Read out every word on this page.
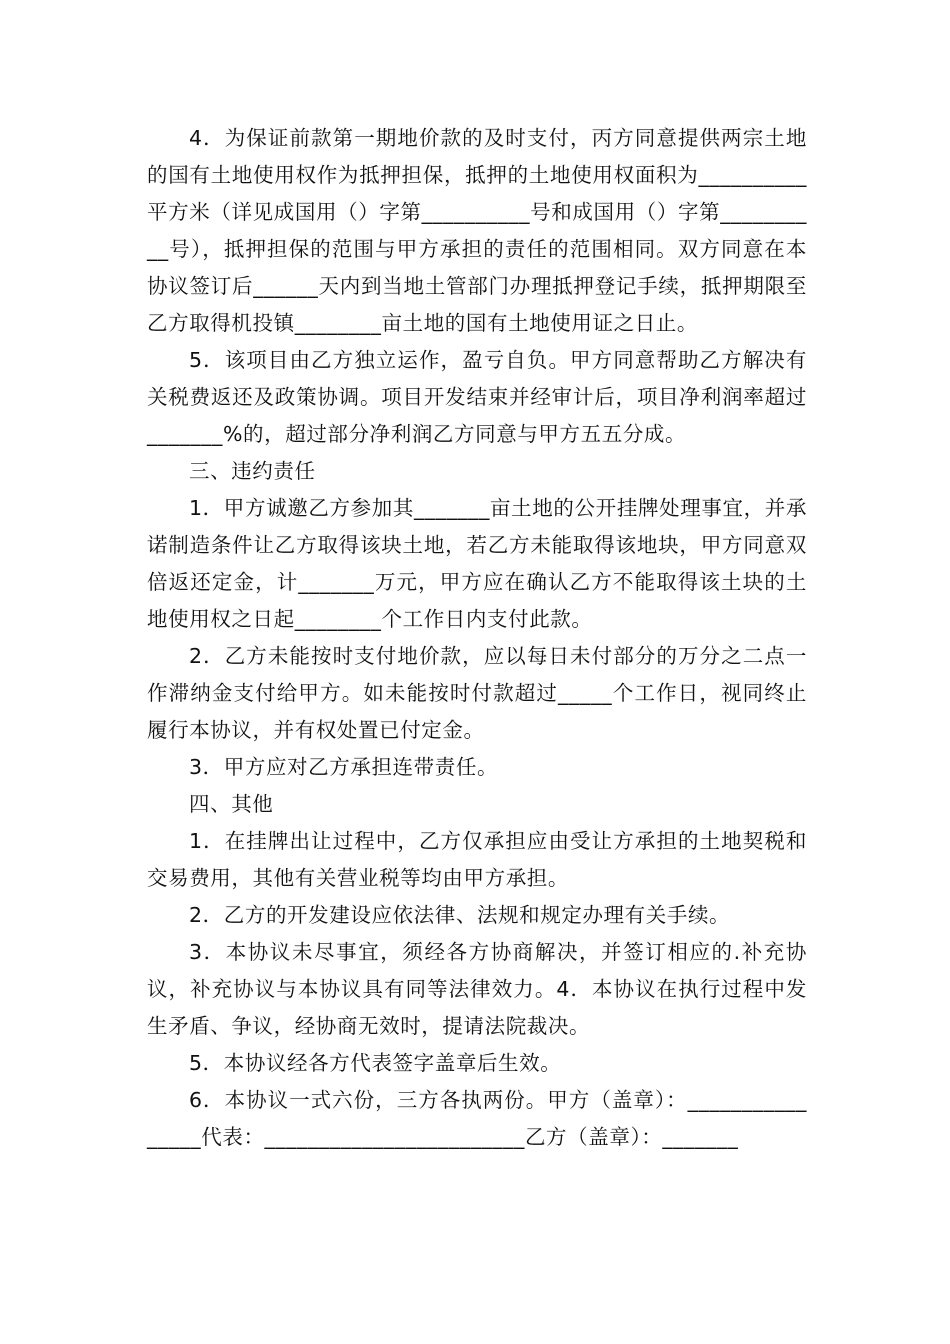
4．为保证前款第一期地价款的及时支付，丙方同意提供两宗土地的国有土地使用权作为抵押担保，抵押的土地使用权面积为__________平方米（详见成国用（）字第__________号和成国用（）字第__________号），抵押担保的范围与甲方承担的责任的范围相同。双方同意在本协议签订后______天内到当地土管部门办理抵押登记手续，抵押期限至乙方取得机投镇________亩土地的国有土地使用证之日止。

5．该项目由乙方独立运作，盈亏自负。甲方同意帮助乙方解决有关税费返还及政策协调。项目开发结束并经审计后，项目净利润率超过_______%的，超过部分净利润乙方同意与甲方五五分成。

三、违约责任

1．甲方诚邀乙方参加其_______亩土地的公开挂牌处理事宜，并承诺制造条件让乙方取得该块土地，若乙方未能取得该地块，甲方同意双倍返还定金，计_______万元，甲方应在确认乙方不能取得该土块的土地使用权之日起________个工作日内支付此款。

2．乙方未能按时支付地价款，应以每日未付部分的万分之二点一作滞纳金支付给甲方。如未能按时付款超过_____个工作日，视同终止履行本协议，并有权处置已付定金。

3．甲方应对乙方承担连带责任。

四、其他

1．在挂牌出让过程中，乙方仅承担应由受让方承担的土地契税和交易费用，其他有关营业税等均由甲方承担。

2．乙方的开发建设应依法律、法规和规定办理有关手续。

3．本协议未尽事宜，须经各方协商解决，并签订相应的.补充协议，补充协议与本协议具有同等法律效力。4．本协议在执行过程中发生矛盾、争议，经协商无效时，提请法院裁决。

5．本协议经各方代表签字盖章后生效。

6．本协议一式六份，三方各执两份。甲方（盖章）：________________代表：________________________乙方（盖章）：_______
